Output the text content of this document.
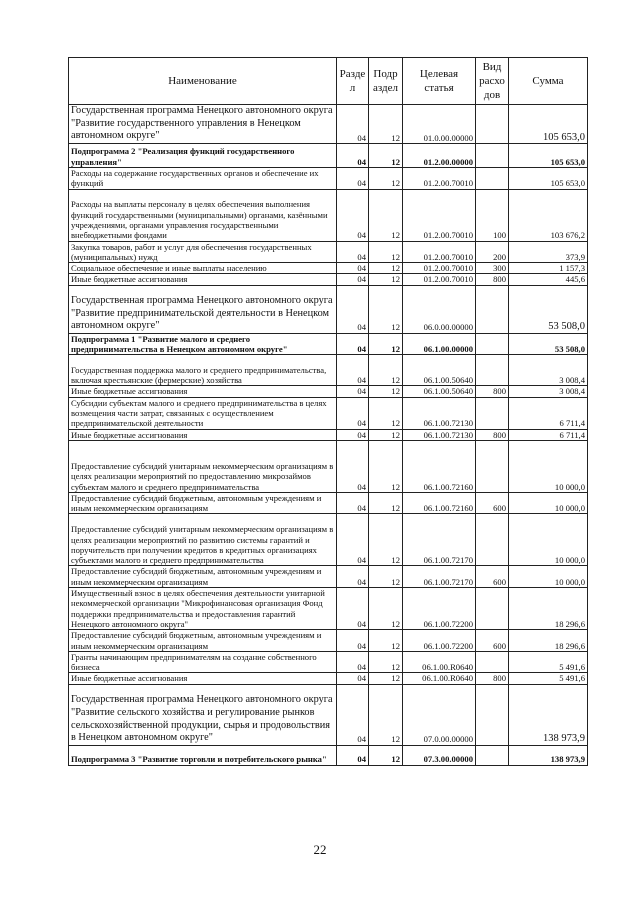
Наименование	Разде л	Подр аздел	Целевая статья	Вид расхо дов	Сумма
Государственная программа Ненецкого автономного округа "Развитие государственного управления в Ненецком автономном округе"	04	12	01.0.00.00000		105 653,0
Подпрограмма 2 "Реализация функций государственного управления"	04	12	01.2.00.00000		105 653,0
Расходы на содержание государственных органов и обеспечение их функций	04	12	01.2.00.70010		105 653,0
Расходы на выплаты персоналу в целях обеспечения выполнения функций государственными (муниципальными) органами, казёнными учреждениями, органами управления государственными внебюджетными фондами	04	12	01.2.00.70010	100	103 676,2
Закупка товаров, работ и услуг для обеспечения государственных (муниципальных) нужд	04	12	01.2.00.70010	200	373,9
Социальное обеспечение и иные выплаты населению	04	12	01.2.00.70010	300	1 157,3
Иные бюджетные ассигнования	04	12	01.2.00.70010	800	445,6
Государственная программа Ненецкого автономного округа "Развитие предпринимательской деятельности в Ненецком автономном округе"	04	12	06.0.00.00000		53 508,0
Подпрограмма 1 "Развитие малого и среднего предпринимательства в Ненецком автономном округе"	04	12	06.1.00.00000		53 508,0
Государственная поддержка малого и среднего предпринимательства, включая крестьянские (фермерские) хозяйства	04	12	06.1.00.50640		3 008,4
Иные бюджетные ассигнования	04	12	06.1.00.50640	800	3 008,4
Субсидии субъектам малого и среднего предпринимательства в целях возмещения части затрат, связанных с осуществлением предпринимательской деятельности	04	12	06.1.00.72130		6 711,4
Иные бюджетные ассигнования	04	12	06.1.00.72130	800	6 711,4
Предоставление субсидий унитарным некоммерческим организациям в целях реализации мероприятий по предоставлению микрозаймов субъектам малого и среднего предпринимательства	04	12	06.1.00.72160		10 000,0
Предоставление субсидий бюджетным, автономным учреждениям и иным некоммерческим организациям	04	12	06.1.00.72160	600	10 000,0
Предоставление субсидий унитарным некоммерческим организациям в целях реализации мероприятий по развитию системы гарантий и поручительств при получении кредитов в кредитных организациях субъектами малого и среднего предпринимательства	04	12	06.1.00.72170		10 000,0
Предоставление субсидий бюджетным, автономным учреждениям и иным некоммерческим организациям	04	12	06.1.00.72170	600	10 000,0
Имущественный взнос в целях обеспечения деятельности унитарной некоммерческой организации "Микрофинансовая организация Фонд поддержки предпринимательства и предоставления гарантий Ненецкого автономного округа"	04	12	06.1.00.72200		18 296,6
Предоставление субсидий бюджетным, автономным учреждениям и иным некоммерческим организациям	04	12	06.1.00.72200	600	18 296,6
Гранты начинающим предпринимателям на создание собственного бизнеса	04	12	06.1.00.R0640		5 491,6
Иные бюджетные ассигнования	04	12	06.1.00.R0640	800	5 491,6
Государственная программа Ненецкого автономного округа "Развитие сельского хозяйства и регулирование рынков сельскохозяйственной продукции, сырья и продовольствия в Ненецком автономном округе"	04	12	07.0.00.00000		138 973,9
Подпрограмма 3 "Развитие торговли и потребительского рынка"	04	12	07.3.00.00000		138 973,9
22
